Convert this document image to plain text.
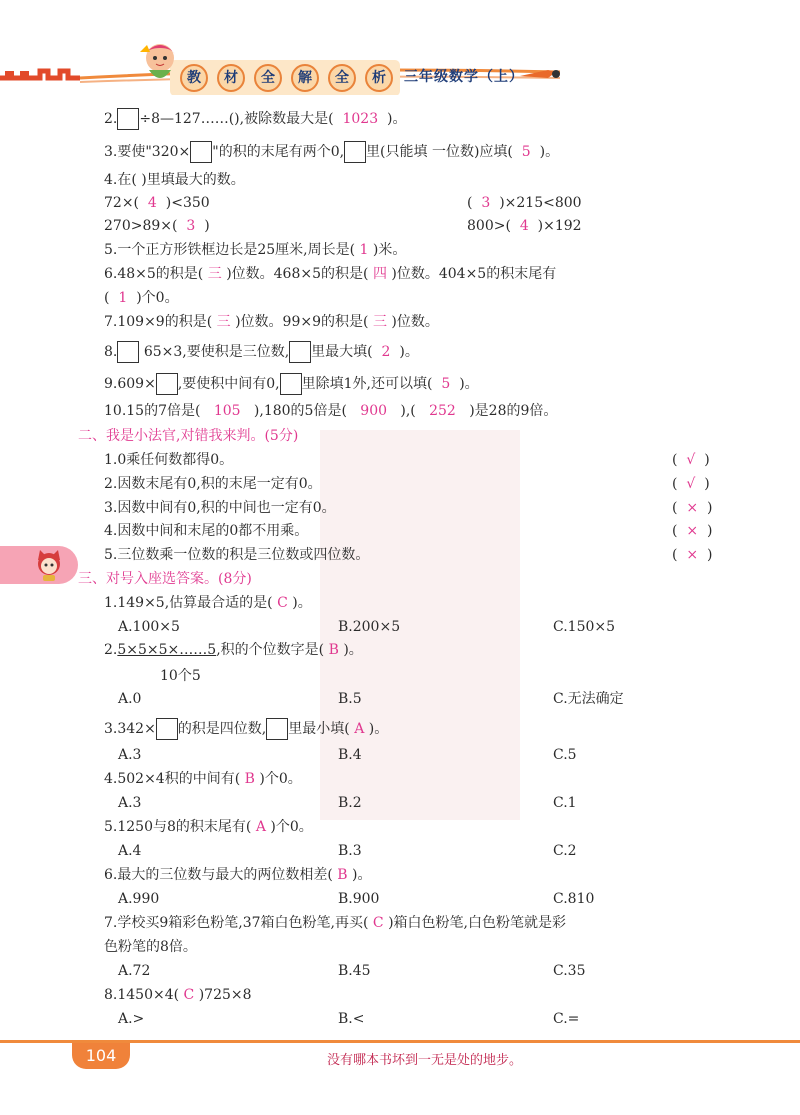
教	材	全	解	全	析	三年级数学（上）
2. ÷8—127……(),被除数最大是( 1023 )。
3.要使"320× "的积的末尾有两个0, 里(只能填 一位数)应填( 5 )。
4.在( )里填最大的数。
72×( 4 )<350	( 3 )×215<800
270>89×( 3 )	800>( 4 )×192
5.一个正方形铁框边长是25厘米,周长是( 1 )米。
6.48×5的积是( 三 )位数。468×5的积是( 四 )位数。404×5的积末尾有
( 1 )个0。
7.109×9的积是( 三 )位数。99×9的积是( 三 )位数。
8. 65×3,要使积是三位数, 里最大填( 2 )。
9.609× ,要使积中间有0, 里除填1外,还可以填( 5 )。
10.15的7倍是( 105 ),180的5倍是( 900 ),( 252 )是28的9倍。
二、我是小法官,对错我来判。(5分)
1.0乘任何数都得0。	(  √  )
2.因数末尾有0,积的末尾一定有0。	(  √  )
3.因数中间有0,积的中间也一定有0。	(  ×  )
4.因数中间和末尾的0都不用乘。	(  ×  )
5.三位数乘一位数的积是三位数或四位数。	(  ×  )
三、对号入座选答案。(8分)
1.149×5,估算最合适的是( C )。
A.100×5	B.200×5	C.150×5
2.5×5×5×……5,积的个位数字是( B )。
10个5
A.0	B.5	C.无法确定
3.342× 的积是四位数, 里最小填( A )。
A.3	B.4	C.5
4.502×4积的中间有( B )个0。
A.3	B.2	C.1
5.1250与8的积末尾有( A )个0。
A.4	B.3	C.2
6.最大的三位数与最大的两位数相差( B )。
A.990	B.900	C.810
7.学校买9箱彩色粉笔,37箱白色粉笔,再买( C )箱白色粉笔,白色粉笔就是彩
色粉笔的8倍。
A.72	B.45	C.35
8.1450×4( C )725×8
A.>	B.<	C.=
104	没有哪本书坏到一无是处的地步。
